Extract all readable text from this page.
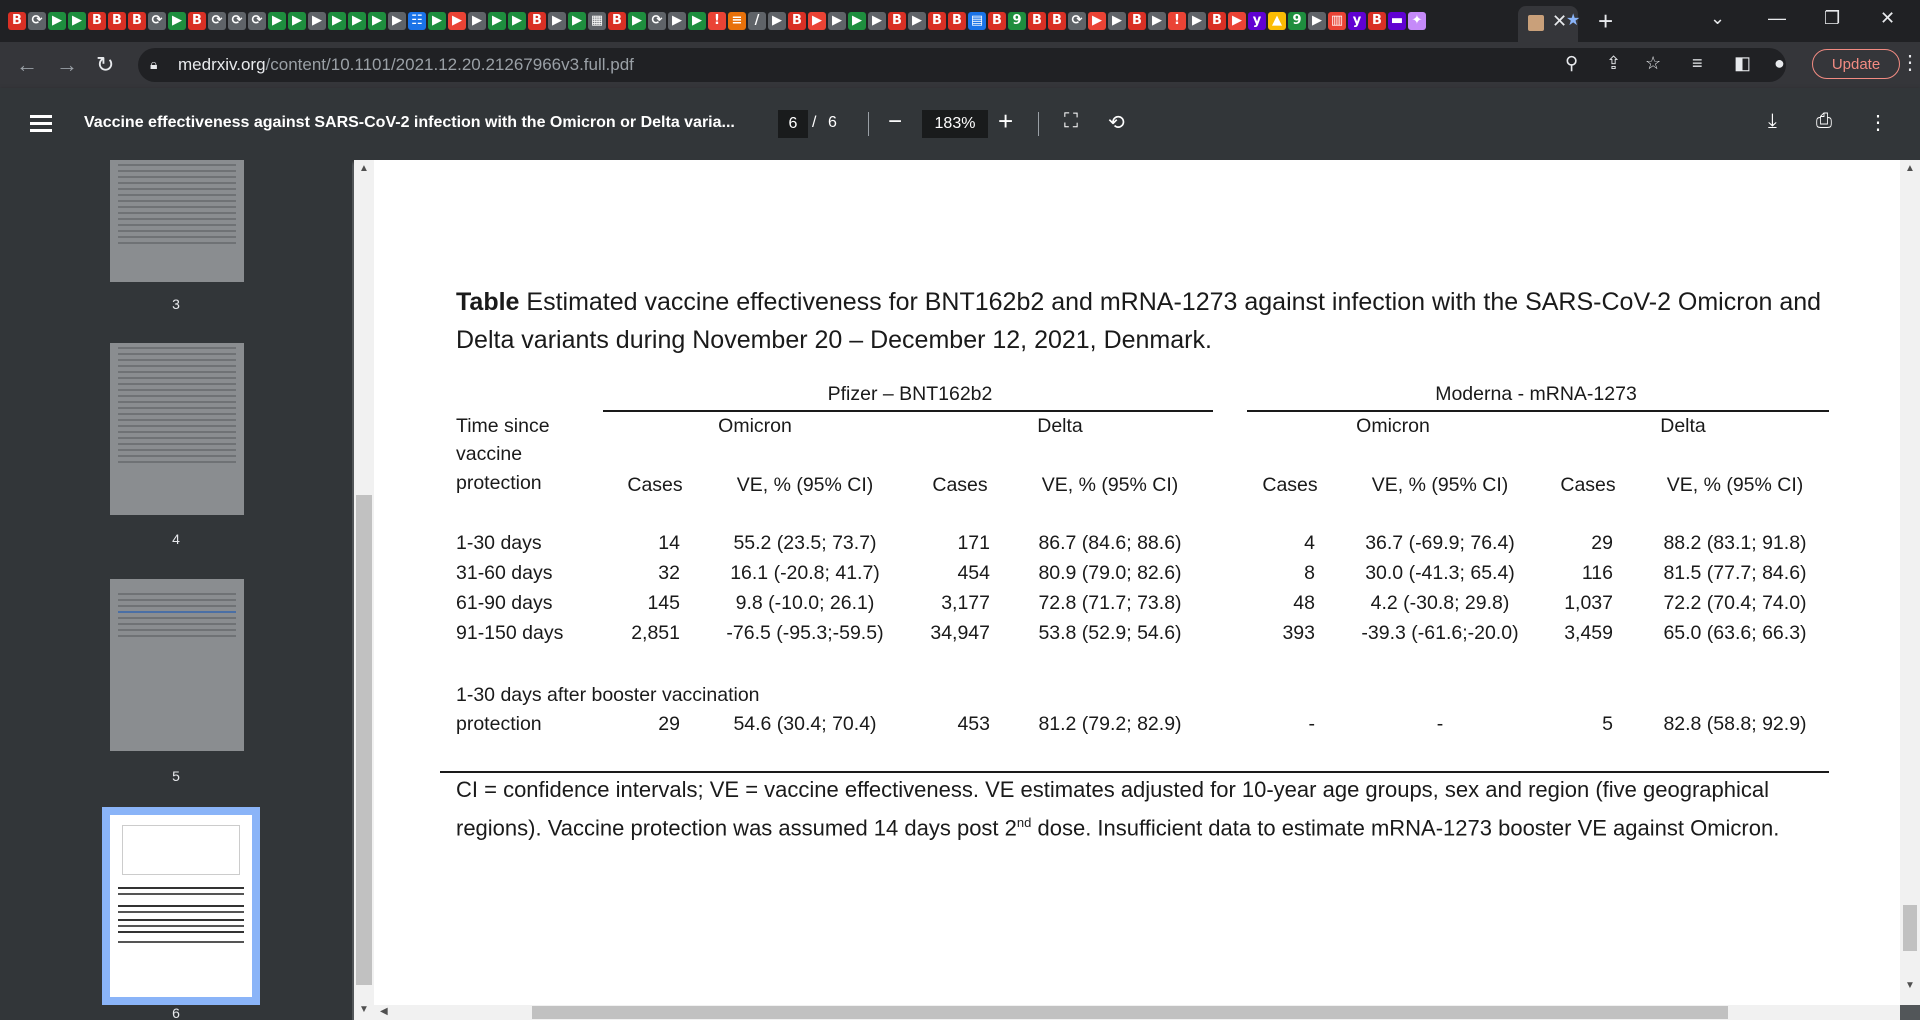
B ⟳ ▶ ▶ B B B ⟳ ▶ B ⟳ ⟳ ⟳ ▶ ▶ ▶ ▶ ▶ ▶ ▶ ☷ ▶ ▶ ▶ ▶ ▶ B ▶ ▶ ▦ B ▶ ⟳ ▶ ▶ ! ≡ / ▶ B ▶ ▶ ▶ ▶ B ▶ B B ▤ B 9 B B ⟳ ▶ ▶ B ▶ ! ▶ B ▶ y ▲ 9 ▶ ▥ y B ▬ ✦	✕
★ +	⌄ — ❐ ✕
← → ↻	🔒︎ medrxiv.org/content/10.1101/2021.12.20.21267966v3.full.pdf	⚲ ⇪ ☆ ≡ ◧ ●	Update ⋮
Vaccine effectiveness against SARS-CoV-2 infection with the Omicron or Delta varia...	6 / 6 −	183% +	⛶ ⟲	⤓ ⎙ ⋮
3
4
5
6
▲
▼
Table Estimated vaccine effectiveness for BNT162b2 and mRNA-1273 against infection with the SARS-CoV-2 Omicron and Delta variants during November 20 – December 12, 2021, Denmark.
Pfizer – BNT162b2	Moderna - mRNA-1273
Time since
vaccine
protection
Omicron	Delta	Omicron	Delta
Cases	VE, % (95% CI)	Cases	VE, % (95% CI)	Cases	VE, % (95% CI)	Cases	VE, % (95% CI)
1-30 days	14	55.2 (23.5; 73.7)	171	86.7 (84.6; 88.6)	4	36.7 (-69.9; 76.4)	29	88.2 (83.1; 91.8)
31-60 days	32	16.1 (-20.8; 41.7)	454	80.9 (79.0; 82.6)	8	30.0 (-41.3; 65.4)	116	81.5 (77.7; 84.6)
61-90 days	145	9.8 (-10.0; 26.1)	3,177	72.8 (71.7; 73.8)	48	4.2 (-30.8; 29.8)	1,037	72.2 (70.4; 74.0)
91-150 days	2,851	-76.5 (-95.3;-59.5)	34,947	53.8 (52.9; 54.6)	393	-39.3 (-61.6;-20.0)	3,459	65.0 (63.6; 66.3)
1-30 days after booster vaccination
protection	29	54.6 (30.4; 70.4)	453	81.2 (79.2; 82.9)	-	-	5	82.8 (58.8; 92.9)
CI = confidence intervals; VE = vaccine effectiveness. VE estimates adjusted for 10-year age groups, sex and region (five geographical regions). Vaccine protection was assumed 14 days post 2nd dose. Insufficient data to estimate mRNA-1273 booster VE against Omicron.
▲
▼
◀
